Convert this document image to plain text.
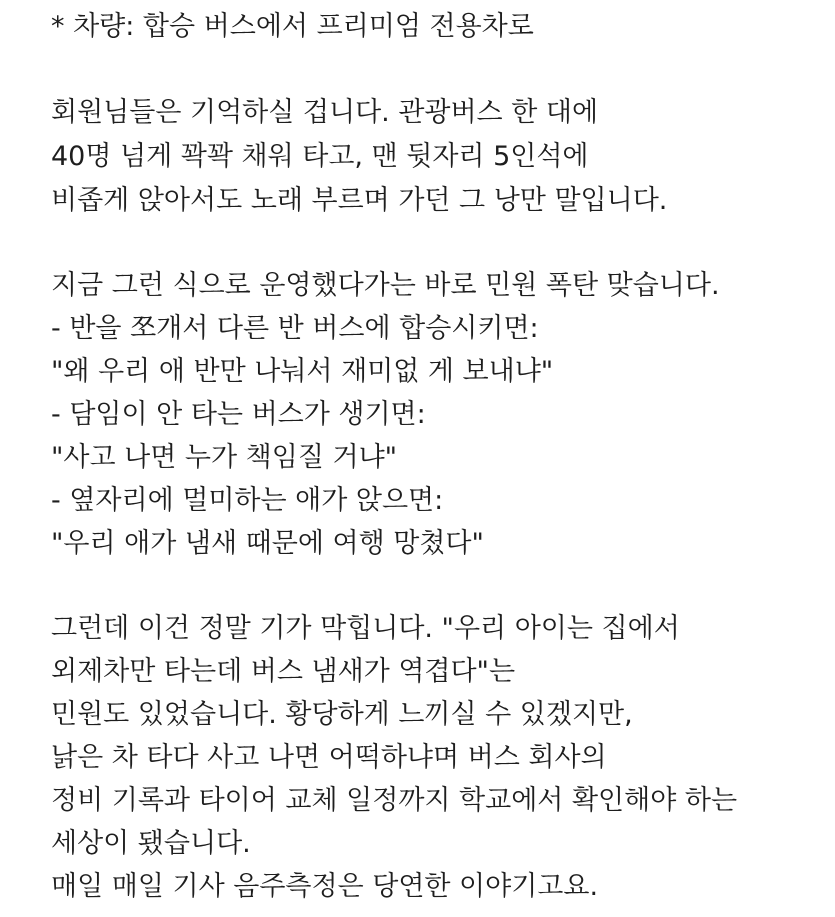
* 차량: 합승 버스에서 프리미엄 전용차로

회원님들은 기억하실 겁니다. 관광버스 한 대에

40명 넘게 꽉꽉 채워 타고, 맨 뒷자리 5인석에

비좁게 앉아서도 노래 부르며 가던 그 낭만 말입니다.

지금 그런 식으로 운영했다가는 바로 민원 폭탄 맞습니다.

- 반을 쪼개서 다른 반 버스에 합승시키면:

"왜 우리 애 반만 나눠서 재미없 게 보내냐"

- 담임이 안 타는 버스가 생기면:

"사고 나면 누가 책임질 거냐"

- 옆자리에 멀미하는 애가 앉으면:

"우리 애가 냄새 때문에 여행 망쳤다"

그런데 이건 정말 기가 막힙니다. "우리 아이는 집에서

외제차만 타는데 버스 냄새가 역겹다"는

민원도 있었습니다. 황당하게 느끼실 수 있겠지만,

낡은 차 타다 사고 나면 어떡하냐며 버스 회사의

정비 기록과 타이어 교체 일정까지 학교에서 확인해야 하는

세상이 됐습니다.

매일 매일 기사 음주측정은 당연한 이야기고요.
